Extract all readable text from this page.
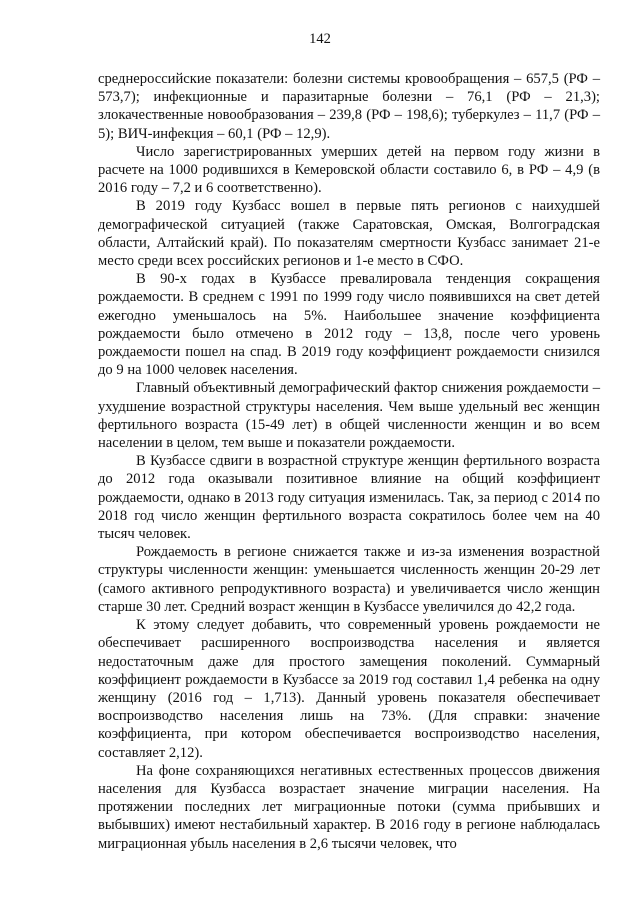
142

среднероссийские показатели: болезни системы кровообращения – 657,5 (РФ – 573,7); инфекционные и паразитарные болезни – 76,1 (РФ – 21,3); злокачественные новообразования – 239,8 (РФ – 198,6); туберкулез – 11,7 (РФ – 5); ВИЧ-инфекция – 60,1 (РФ – 12,9).

Число зарегистрированных умерших детей на первом году жизни в расчете на 1000 родившихся в Кемеровской области составило 6, в РФ – 4,9 (в 2016 году – 7,2 и 6 соответственно).

В 2019 году Кузбасс вошел в первые пять регионов с наихудшей демографической ситуацией (также Саратовская, Омская, Волгоградская области, Алтайский край). По показателям смертности Кузбасс занимает 21-е место среди всех российских регионов и 1-е место в СФО.

В 90-х годах в Кузбассе превалировала тенденция сокращения рождаемости. В среднем с 1991 по 1999 году число появившихся на свет детей ежегодно уменьшалось на 5%. Наибольшее значение коэффициента рождаемости было отмечено в 2012 году – 13,8, после чего уровень рождаемости пошел на спад. В 2019 году коэффициент рождаемости снизился до 9 на 1000 человек населения.

Главный объективный демографический фактор снижения рождаемости – ухудшение возрастной структуры населения. Чем выше удельный вес женщин фертильного возраста (15-49 лет) в общей численности женщин и во всем населении в целом, тем выше и показатели рождаемости.

В Кузбассе сдвиги в возрастной структуре женщин фертильного возраста до 2012 года оказывали позитивное влияние на общий коэффициент рождаемости, однако в 2013 году ситуация изменилась. Так, за период с 2014 по 2018 год число женщин фертильного возраста сократилось более чем на 40 тысяч человек.

Рождаемость в регионе снижается также и из-за изменения возрастной структуры численности женщин: уменьшается численность женщин 20-29 лет (самого активного репродуктивного возраста) и увеличивается число женщин старше 30 лет. Средний возраст женщин в Кузбассе увеличился до 42,2 года.

К этому следует добавить, что современный уровень рождаемости не обеспечивает расширенного воспроизводства населения и является недостаточным даже для простого замещения поколений. Суммарный коэффициент рождаемости в Кузбассе за 2019 год составил 1,4 ребенка на одну женщину (2016 год – 1,713). Данный уровень показателя обеспечивает воспроизводство населения лишь на 73%. (Для справки: значение коэффициента, при котором обеспечивается воспроизводство населения, составляет 2,12).

На фоне сохраняющихся негативных естественных процессов движения населения для Кузбасса возрастает значение миграции населения. На протяжении последних лет миграционные потоки (сумма прибывших и выбывших) имеют нестабильный характер. В 2016 году в регионе наблюдалась миграционная убыль населения в 2,6 тысячи человек, что
